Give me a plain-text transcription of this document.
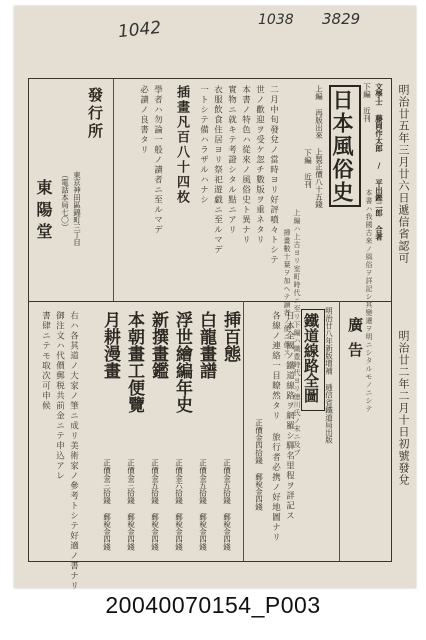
1042	1038 3829
明治廿五年三月廿六日遞信省認可
明治廿二年二月十日初號發兌
文學士 藤岡作太郎 / 平出鏗二郎 合著
下編 近刊
日本風俗史
上編 再版出來 上製正價八十五錢
下編 近刊
本書ハ我國古來ノ風俗ヲ詳記シ其變遷ヲ明ニシタルモノニシテ
上編ハ上古ヨリ室町時代ニ至リ下編ハ織豊時代ヨリ徳川氏ノ末ニ及ブ
挿畫數十葉ヲ加ヘテ讀者ノ便ニ供ス
插畫凡百八十四枚
發行所
東京神田區錦町三丁目
（電話本局七〇）
東陽堂
廣告
明治廿八年新版增補 逓信省鐵道局出版
鐵道線路全圖
正價金四拾錢 郵稅金四錢
二月中旬發兌ノ當時ヨリ好評噴々トシテ
世ノ歡迎ヲ受ケ忽チ數版ヲ重ネタリ
本書ノ特色ハ從來ノ風俗史ト異ナリ
實物ニ就キテ考證シタル點ニアリ
衣服飲食住居ヨリ祭祀遊戯ニ至ルマデ
一トシテ備ハラザルハナシ
學者ハ勿論一般ノ讀者ニ至ルマデ
必讀ノ良書タリ
日本全國ノ鐵道線路ヲ網羅シ驛名里程ヲ詳記ス
各線ノ連絡一目瞭然タリ 旅行者必携ノ好地圖ナリ
挿百態
正價金五拾錢 郵稅金四錢
白龍畫譜
正價金五拾錢 郵稅金四錢
浮世繪編年史
正價金六拾錢 郵稅金四錢
新撰畫鑑
正價金五拾錢 郵稅金四錢
本朝畫工便覽
正價金三拾錢 郵稅金四錢
月耕漫畫
正價金三拾錢 郵稅金四錢
右ハ各其道ノ大家ノ筆ニ成リ美術家ノ參考トシテ好適ノ書ナリ
御注文ハ代價郵税共前金ニテ申込アレ
書肆ニテモ取次可申候
20040070154_P003
